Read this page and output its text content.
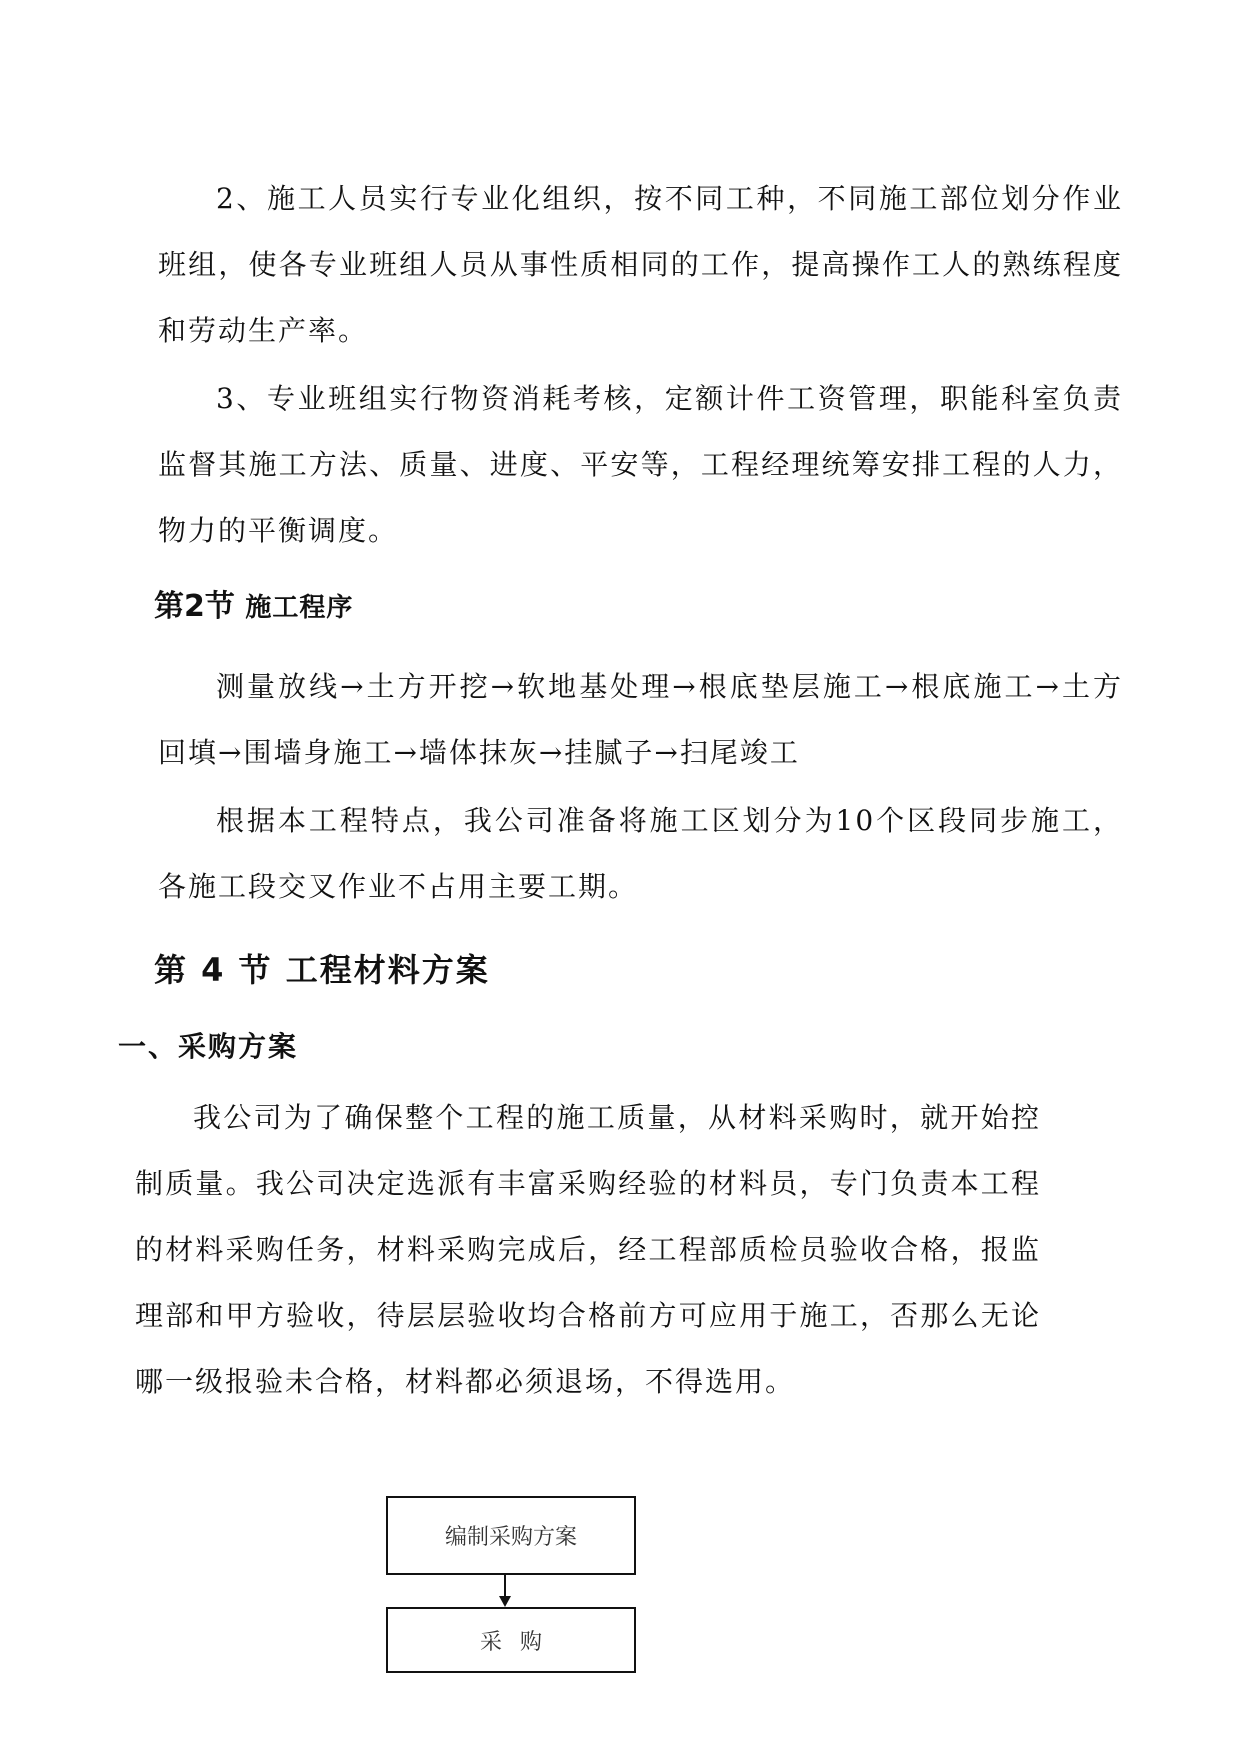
2、施工人员实行专业化组织，按不同工种，不同施工部位划分作业班组，使各专业班组人员从事性质相同的工作，提高操作工人的熟练程度和劳动生产率。

3、专业班组实行物资消耗考核，定额计件工资管理，职能科室负责监督其施工方法、质量、进度、平安等，工程经理统筹安排工程的人力，物力的平衡调度。

第2节 施工程序

测量放线→土方开挖→软地基处理→根底垫层施工→根底施工→土方回填→围墙身施工→墙体抹灰→挂腻子→扫尾竣工

根据本工程特点，我公司准备将施工区划分为10个区段同步施工，各施工段交叉作业不占用主要工期。

第 4 节 工程材料方案
一、采购方案

我公司为了确保整个工程的施工质量，从材料采购时，就开始控制质量。我公司决定选派有丰富采购经验的材料员，专门负责本工程的材料采购任务，材料采购完成后，经工程部质检员验收合格，报监理部和甲方验收，待层层验收均合格前方可应用于施工，否那么无论哪一级报验未合格，材料都必须退场，不得选用。

编制采购方案
采购
